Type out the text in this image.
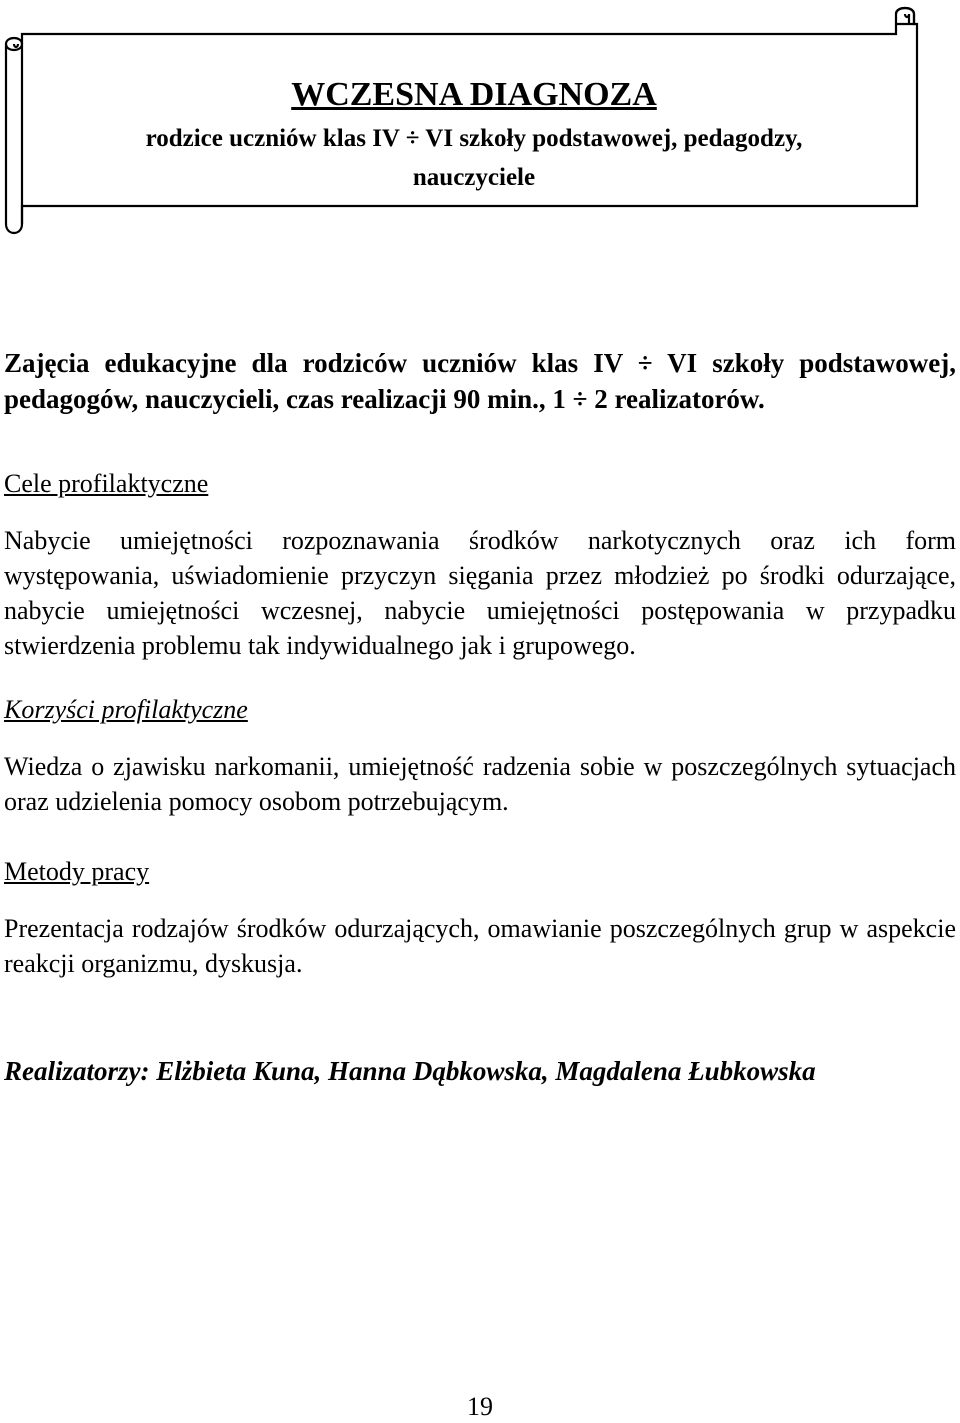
WCZESNA DIAGNOZA
rodzice uczniów klas IV ÷ VI szkoły podstawowej, pedagodzy,
nauczyciele

Zajęcia edukacyjne dla rodziców uczniów klas IV ÷ VI szkoły podstawowej, pedagogów, nauczycieli, czas realizacji 90 min., 1 ÷ 2 realizatorów.

Cele profilaktyczne

Nabycie umiejętności rozpoznawania środków narkotycznych oraz ich form występowania, uświadomienie przyczyn sięgania przez młodzież po środki odurzające, nabycie umiejętności wczesnej, nabycie umiejętności postępowania w przypadku stwierdzenia problemu tak indywidualnego jak i grupowego.

Korzyści profilaktyczne

Wiedza o zjawisku narkomanii, umiejętność radzenia sobie w poszczególnych sytuacjach oraz udzielenia pomocy osobom potrzebującym.

Metody pracy

Prezentacja rodzajów środków odurzających, omawianie poszczególnych grup w aspekcie reakcji organizmu, dyskusja.

Realizatorzy: Elżbieta Kuna, Hanna Dąbkowska, Magdalena Łubkowska

19
